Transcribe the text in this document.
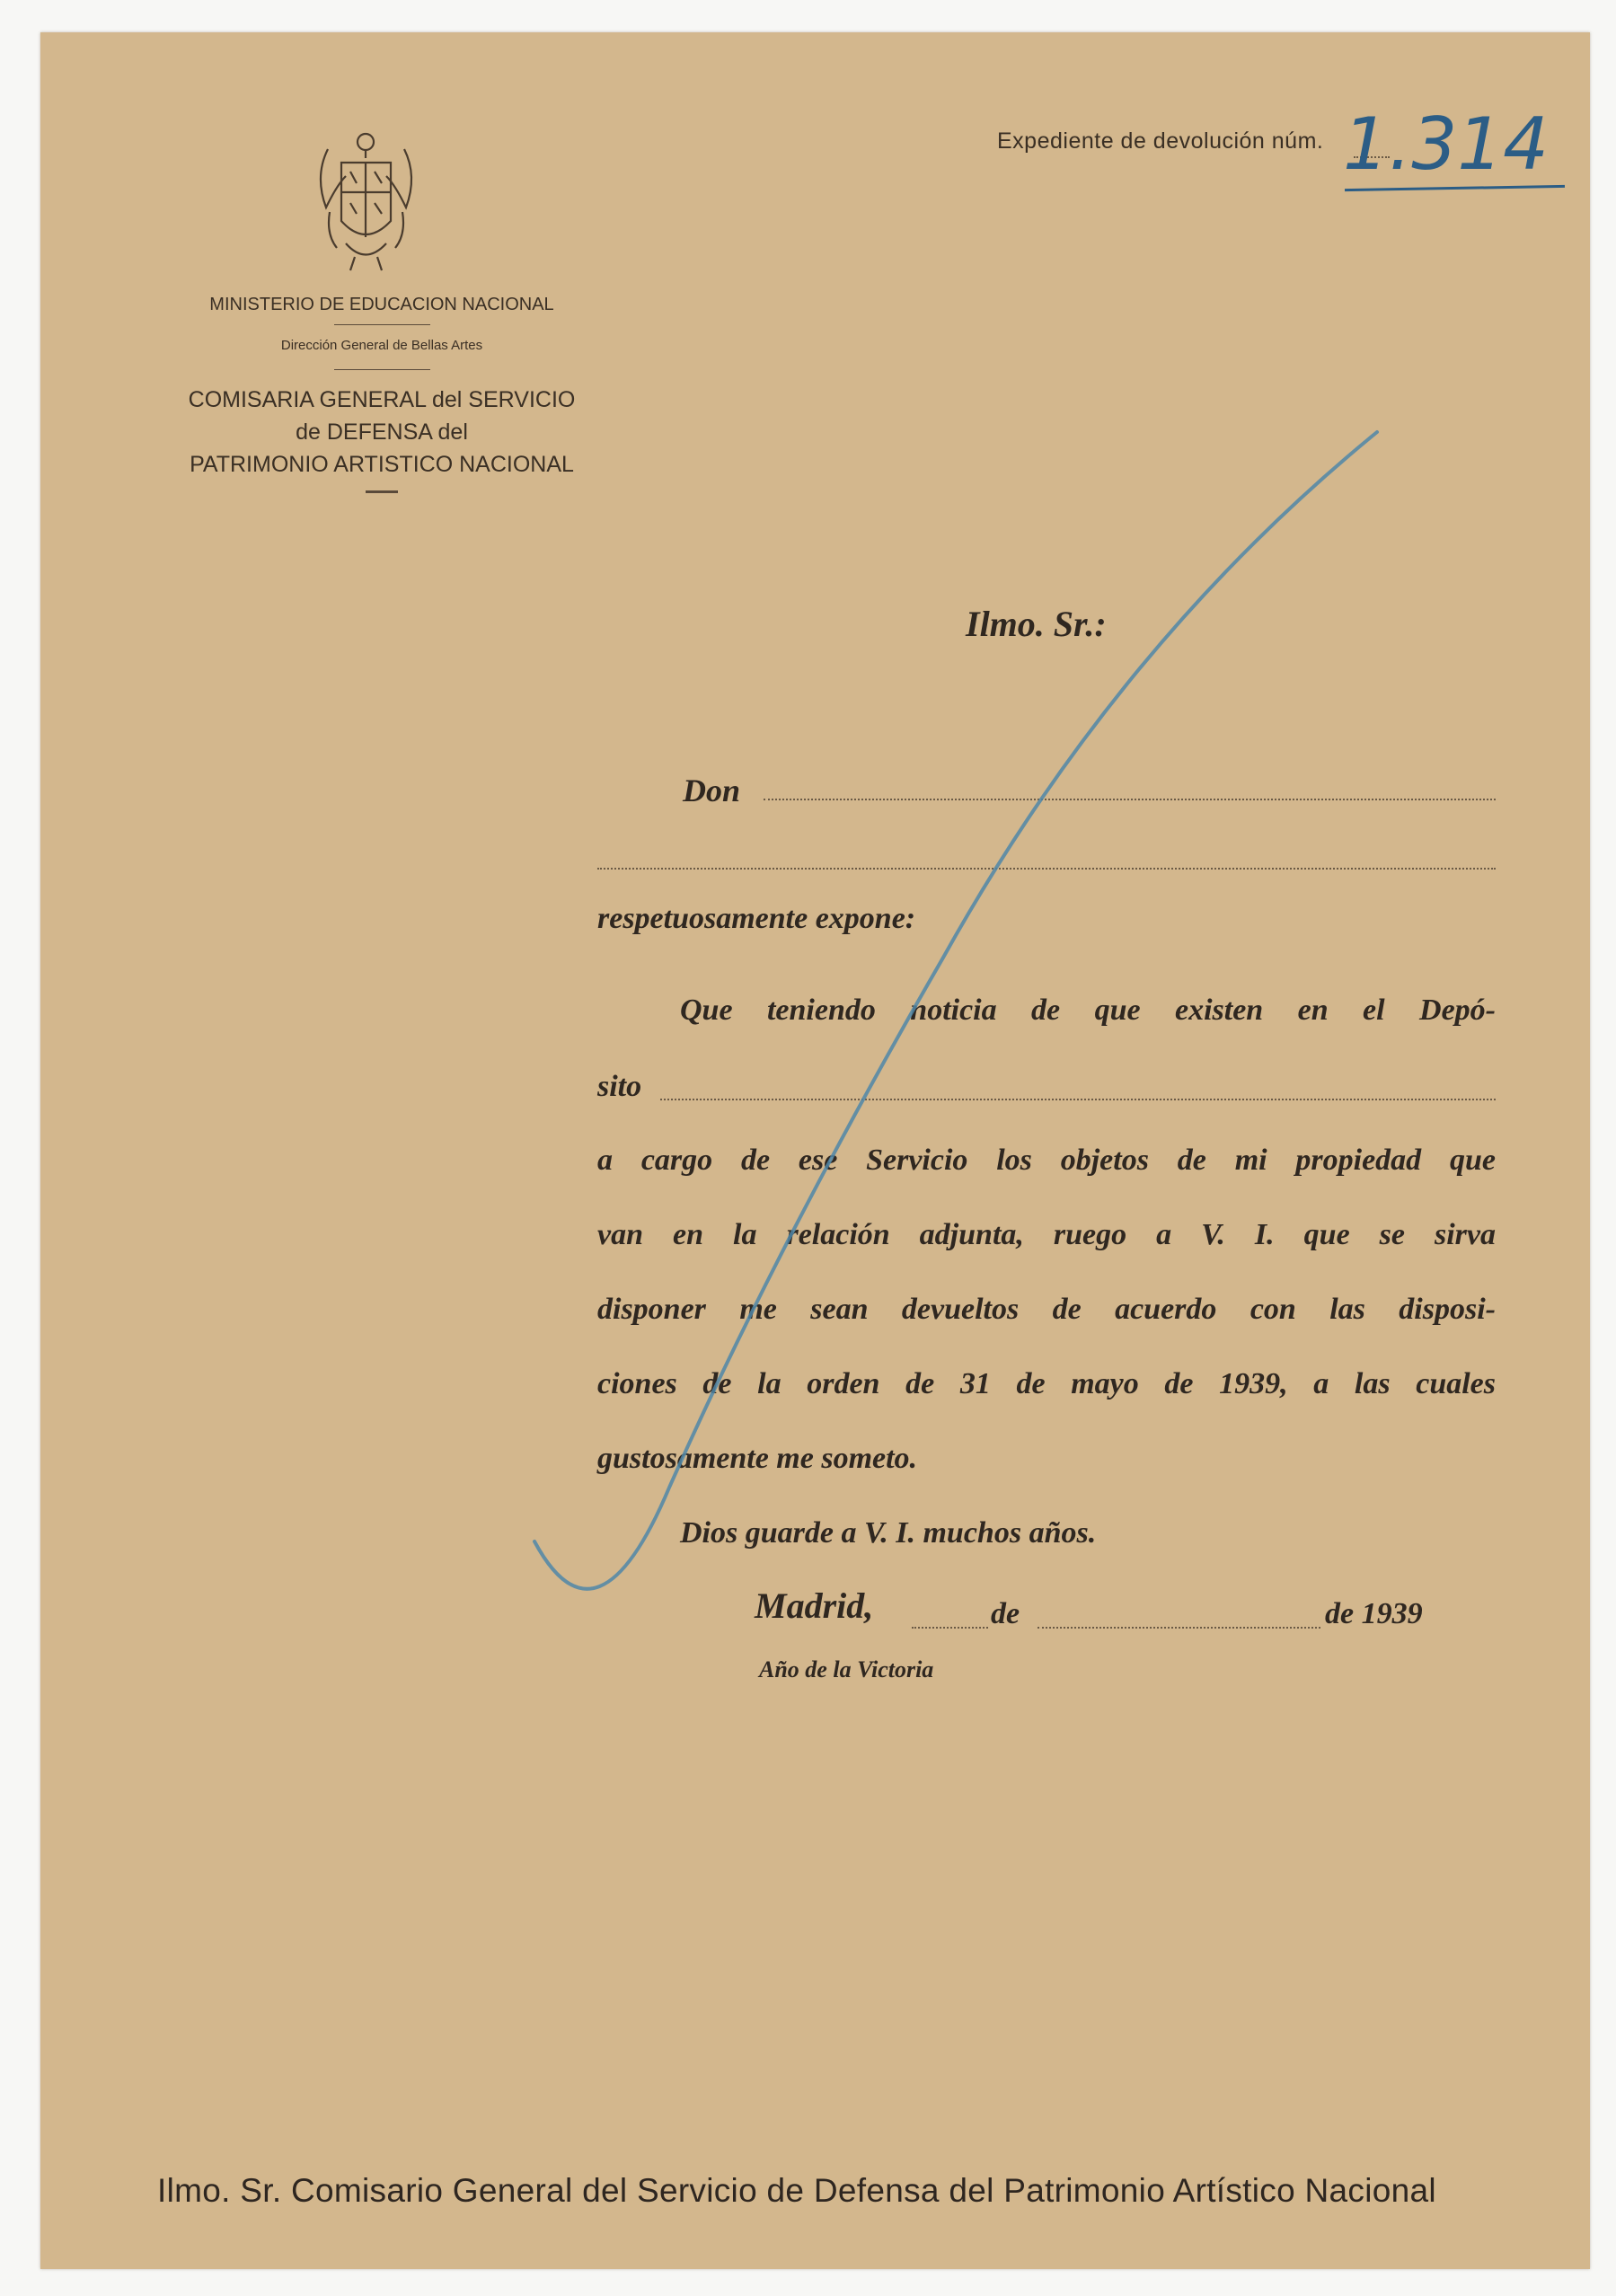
Expediente de devolución núm. 1.314
MINISTERIO DE EDUCACION NACIONAL
Dirección General de Bellas Artes
COMISARIA GENERAL del SERVICIO
de DEFENSA del
PATRIMONIO ARTISTICO NACIONAL
Ilmo. Sr.:
Don
respetuosamente expone:
Que teniendo noticia de que existen en el Depó-
sito
a cargo de ese Servicio los objetos de mi propiedad que
van en la relación adjunta, ruego a V. I. que se sirva
disponer me sean devueltos de acuerdo con las disposi-
ciones de la orden de 31 de mayo de 1939, a las cuales
gustosamente me someto.
Dios guarde a V. I. muchos años.
Madrid,	de	de 1939
Año de la Victoria
Ilmo. Sr. Comisario General del Servicio de Defensa del Patrimonio Artístico Nacional
